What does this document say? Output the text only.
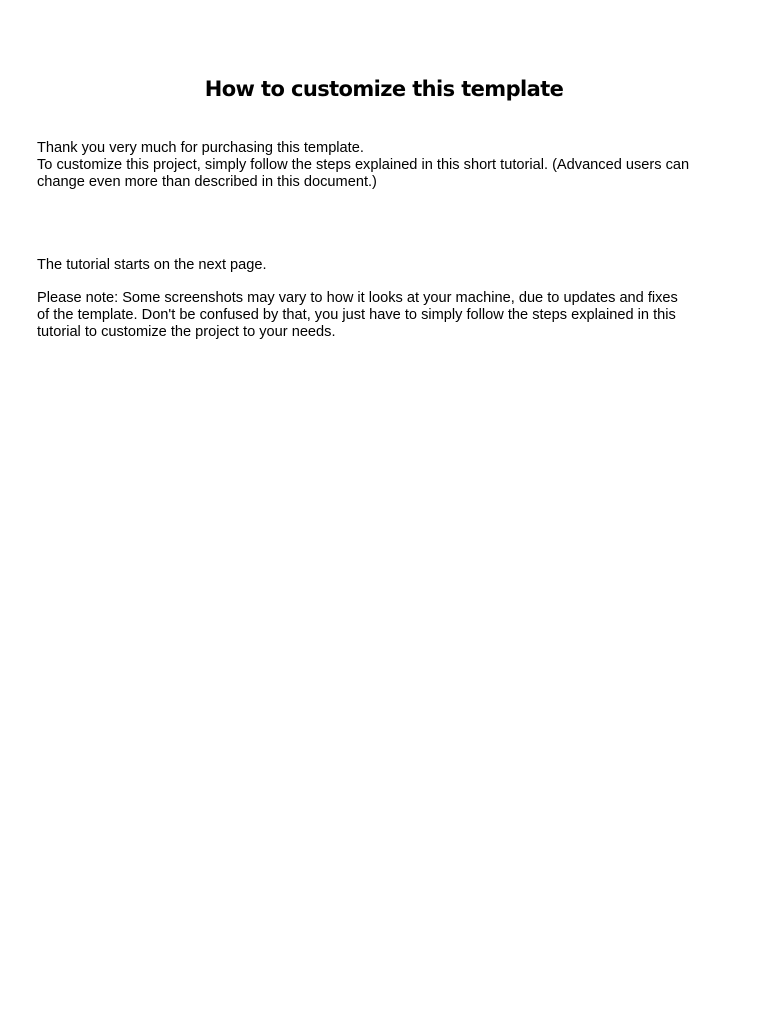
How to customize this template

Thank you very much for purchasing this template.
To customize this project, simply follow the steps explained in this short tutorial. (Advanced users can
change even more than described in this document.)

The tutorial starts on the next page.

Please note: Some screenshots may vary to how it looks at your machine, due to updates and fixes
of the template. Don't be confused by that, you just have to simply follow the steps explained in this
tutorial to customize the project to your needs.
